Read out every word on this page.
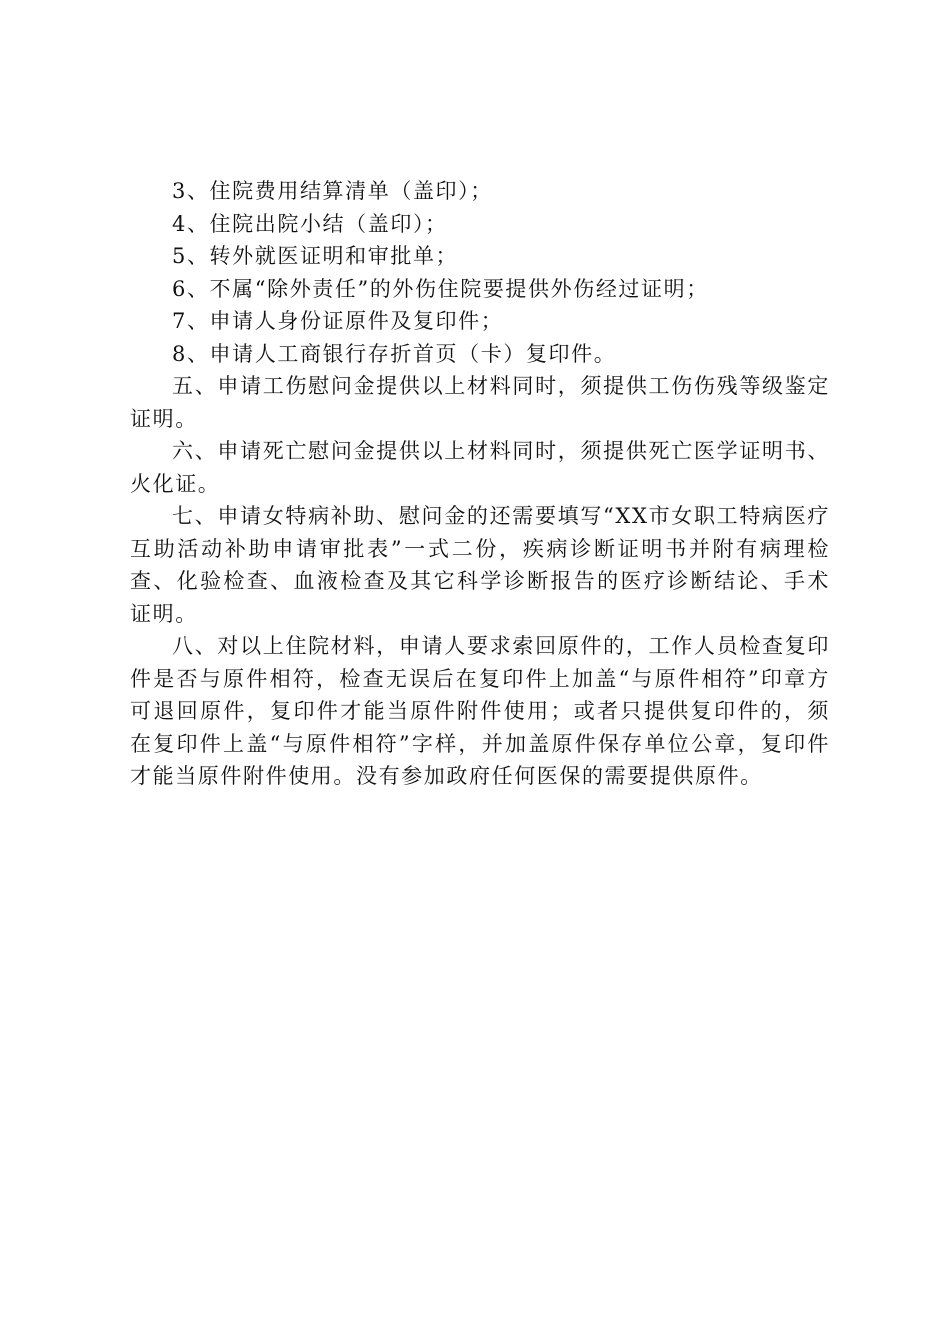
3、住院费用结算清单（盖印）；

4、住院出院小结（盖印）；

5、转外就医证明和审批单；

6、不属“除外责任”的外伤住院要提供外伤经过证明；

7、申请人身份证原件及复印件；

8、申请人工商银行存折首页（卡）复印件。

五、申请工伤慰问金提供以上材料同时，须提供工伤伤残等级鉴定证明。

六、申请死亡慰问金提供以上材料同时，须提供死亡医学证明书、火化证。

七、申请女特病补助、慰问金的还需要填写“XX市女职工特病医疗互助活动补助申请审批表”一式二份，疾病诊断证明书并附有病理检查、化验检查、血液检查及其它科学诊断报告的医疗诊断结论、手术证明。

八、对以上住院材料，申请人要求索回原件的，工作人员检查复印件是否与原件相符，检查无误后在复印件上加盖“与原件相符”印章方可退回原件，复印件才能当原件附件使用；或者只提供复印件的，须在复印件上盖“与原件相符”字样，并加盖原件保存单位公章，复印件才能当原件附件使用。没有参加政府任何医保的需要提供原件。
